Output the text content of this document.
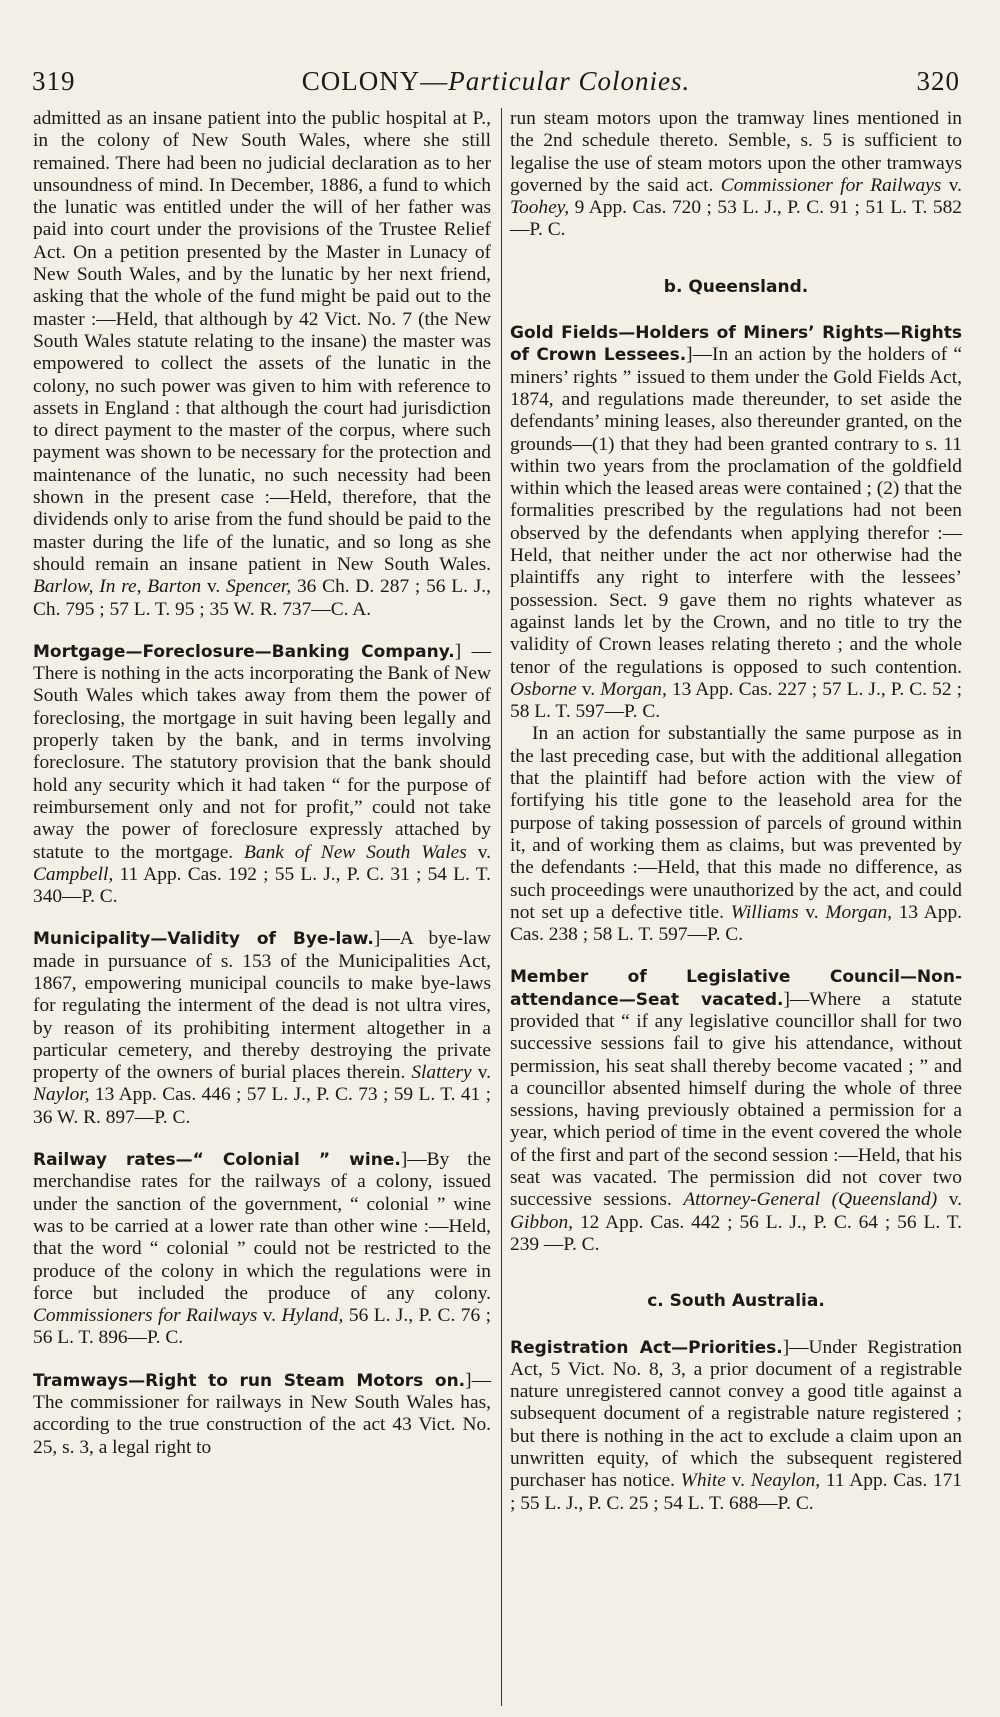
319	COLONY—Particular Colonies.	320

admitted as an insane patient into the public hospital at P., in the colony of New South Wales, where she still remained. There had been no judicial declaration as to her unsoundness of mind. In December, 1886, a fund to which the lunatic was entitled under the will of her father was paid into court under the provisions of the Trustee Relief Act. On a petition presented by the Master in Lunacy of New South Wales, and by the lunatic by her next friend, asking that the whole of the fund might be paid out to the master :—Held, that although by 42 Vict. No. 7 (the New South Wales statute relating to the insane) the master was empowered to collect the assets of the lunatic in the colony, no such power was given to him with reference to assets in England : that although the court had jurisdiction to direct payment to the master of the corpus, where such payment was shown to be necessary for the protection and maintenance of the lunatic, no such necessity had been shown in the present case :—Held, therefore, that the dividends only to arise from the fund should be paid to the master during the life of the lunatic, and so long as she should remain an insane patient in New South Wales. Barlow, In re, Barton v. Spencer, 36 Ch. D. 287 ; 56 L. J., Ch. 795 ; 57 L. T. 95 ; 35 W. R. 737—C. A.

Mortgage—Foreclosure—Banking Company.] —There is nothing in the acts incorporating the Bank of New South Wales which takes away from them the power of foreclosing, the mortgage in suit having been legally and properly taken by the bank, and in terms involving foreclosure. The statutory provision that the bank should hold any security which it had taken “ for the purpose of reimbursement only and not for profit,” could not take away the power of foreclosure expressly attached by statute to the mortgage. Bank of New South Wales v. Campbell, 11 App. Cas. 192 ; 55 L. J., P. C. 31 ; 54 L. T. 340—P. C.

Municipality—Validity of Bye-law.]—A bye-law made in pursuance of s. 153 of the Municipalities Act, 1867, empowering municipal councils to make bye-laws for regulating the interment of the dead is not ultra vires, by reason of its prohibiting interment altogether in a particular cemetery, and thereby destroying the private property of the owners of burial places therein. Slattery v. Naylor, 13 App. Cas. 446 ; 57 L. J., P. C. 73 ; 59 L. T. 41 ; 36 W. R. 897—P. C.

Railway rates—“ Colonial ” wine.]—By the merchandise rates for the railways of a colony, issued under the sanction of the government, “ colonial ” wine was to be carried at a lower rate than other wine :—Held, that the word “ colonial ” could not be restricted to the produce of the colony in which the regulations were in force but included the produce of any colony. Commissioners for Railways v. Hyland, 56 L. J., P. C. 76 ; 56 L. T. 896—P. C.

Tramways—Right to run Steam Motors on.]— The commissioner for railways in New South Wales has, according to the true construction of the act 43 Vict. No. 25, s. 3, a legal right to

run steam motors upon the tramway lines mentioned in the 2nd schedule thereto. Semble, s. 5 is sufficient to legalise the use of steam motors upon the other tramways governed by the said act. Commissioner for Railways v. Toohey, 9 App. Cas. 720 ; 53 L. J., P. C. 91 ; 51 L. T. 582—P. C.

b. Queensland.

Gold Fields—Holders of Miners’ Rights—Rights of Crown Lessees.]—In an action by the holders of “ miners’ rights ” issued to them under the Gold Fields Act, 1874, and regulations made thereunder, to set aside the defendants’ mining leases, also thereunder granted, on the grounds—(1) that they had been granted contrary to s. 11 within two years from the proclamation of the goldfield within which the leased areas were contained ; (2) that the formalities prescribed by the regulations had not been observed by the defendants when applying therefor :—Held, that neither under the act nor otherwise had the plaintiffs any right to interfere with the lessees’ possession. Sect. 9 gave them no rights whatever as against lands let by the Crown, and no title to try the validity of Crown leases relating thereto ; and the whole tenor of the regulations is opposed to such contention. Osborne v. Morgan, 13 App. Cas. 227 ; 57 L. J., P. C. 52 ; 58 L. T. 597—P. C.

In an action for substantially the same purpose as in the last preceding case, but with the additional allegation that the plaintiff had before action with the view of fortifying his title gone to the leasehold area for the purpose of taking possession of parcels of ground within it, and of working them as claims, but was prevented by the defendants :—Held, that this made no difference, as such proceedings were unauthorized by the act, and could not set up a defective title. Williams v. Morgan, 13 App. Cas. 238 ; 58 L. T. 597—P. C.

Member of Legislative Council—Non-attendance—Seat vacated.]—Where a statute provided that “ if any legislative councillor shall for two successive sessions fail to give his attendance, without permission, his seat shall thereby become vacated ; ” and a councillor absented himself during the whole of three sessions, having previously obtained a permission for a year, which period of time in the event covered the whole of the first and part of the second session :—Held, that his seat was vacated. The permission did not cover two successive sessions. Attorney-General (Queensland) v. Gibbon, 12 App. Cas. 442 ; 56 L. J., P. C. 64 ; 56 L. T. 239 —P. C.

c. South Australia.

Registration Act—Priorities.]—Under Registration Act, 5 Vict. No. 8, 3, a prior document of a registrable nature unregistered cannot convey a good title against a subsequent document of a registrable nature registered ; but there is nothing in the act to exclude a claim upon an unwritten equity, of which the subsequent registered purchaser has notice. White v. Neaylon, 11 App. Cas. 171 ; 55 L. J., P. C. 25 ; 54 L. T. 688—P. C.
